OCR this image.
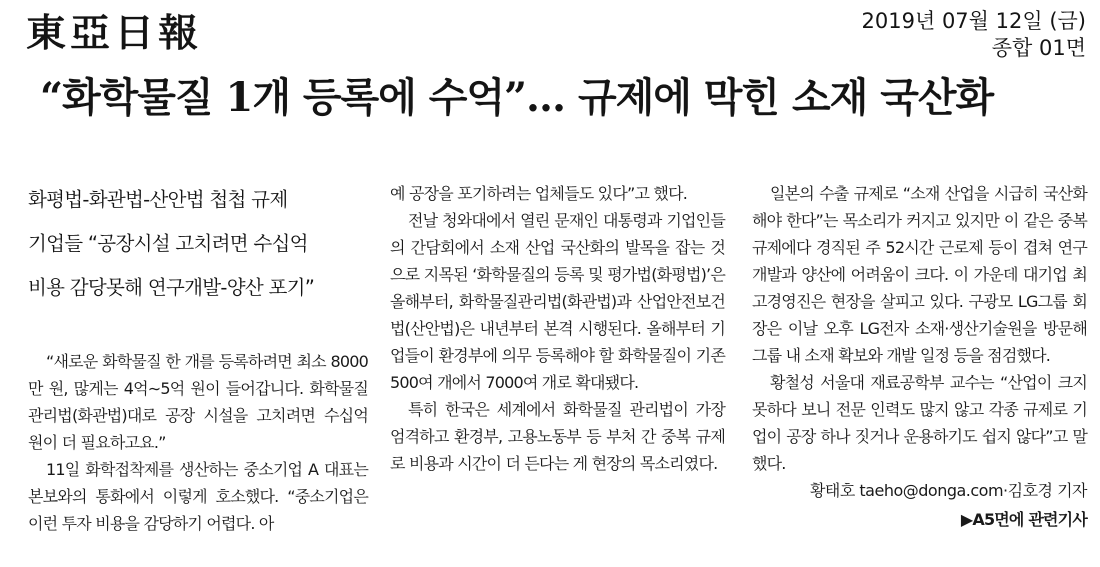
東亞日報	2019년 07월 12일 (금)
종합 01면
“화학물질 1개 등록에 수억”… 규제에 막힌 소재 국산화
화평법-화관법-산안법 첩첩 규제
기업들 “공장시설 고치려면 수십억
비용 감당못해 연구개발-양산 포기”

“새로운 화학물질 한 개를 등록하려면 최소 8000만 원, 많게는 4억∼5억 원이 들어갑니다. 화학물질관리법(화관법)대로 공장 시설을 고치려면 수십억 원이 더 필요하고요.”

11일 화학접착제를 생산하는 중소기업 A 대표는 본보와의 통화에서 이렇게 호소했다. “중소기업은 이런 투자 비용을 감당하기 어렵다. 아

예 공장을 포기하려는 업체들도 있다”고 했다.

전날 청와대에서 열린 문재인 대통령과 기업인들의 간담회에서 소재 산업 국산화의 발목을 잡는 것으로 지목된 ‘화학물질의 등록 및 평가법(화평법)’은 올해부터, 화학물질관리법(화관법)과 산업안전보건법(산안법)은 내년부터 본격 시행된다. 올해부터 기업들이 환경부에 의무 등록해야 할 화학물질이 기존 500여 개에서 7000여 개로 확대됐다.

특히 한국은 세계에서 화학물질 관리법이 가장 엄격하고 환경부, 고용노동부 등 부처 간 중복 규제로 비용과 시간이 더 든다는 게 현장의 목소리였다.

일본의 수출 규제로 “소재 산업을 시급히 국산화해야 한다”는 목소리가 커지고 있지만 이 같은 중복 규제에다 경직된 주 52시간 근로제 등이 겹쳐 연구개발과 양산에 어려움이 크다. 이 가운데 대기업 최고경영진은 현장을 살피고 있다. 구광모 LG그룹 회장은 이날 오후 LG전자 소재·생산기술원을 방문해 그룹 내 소재 확보와 개발 일정 등을 점검했다.

황철성 서울대 재료공학부 교수는 “산업이 크지 못하다 보니 전문 인력도 많지 않고 각종 규제로 기업이 공장 하나 짓거나 운용하기도 쉽지 않다”고 말했다.

황태호 taeho@donga.com·김호경 기자
▶A5면에 관련기사
